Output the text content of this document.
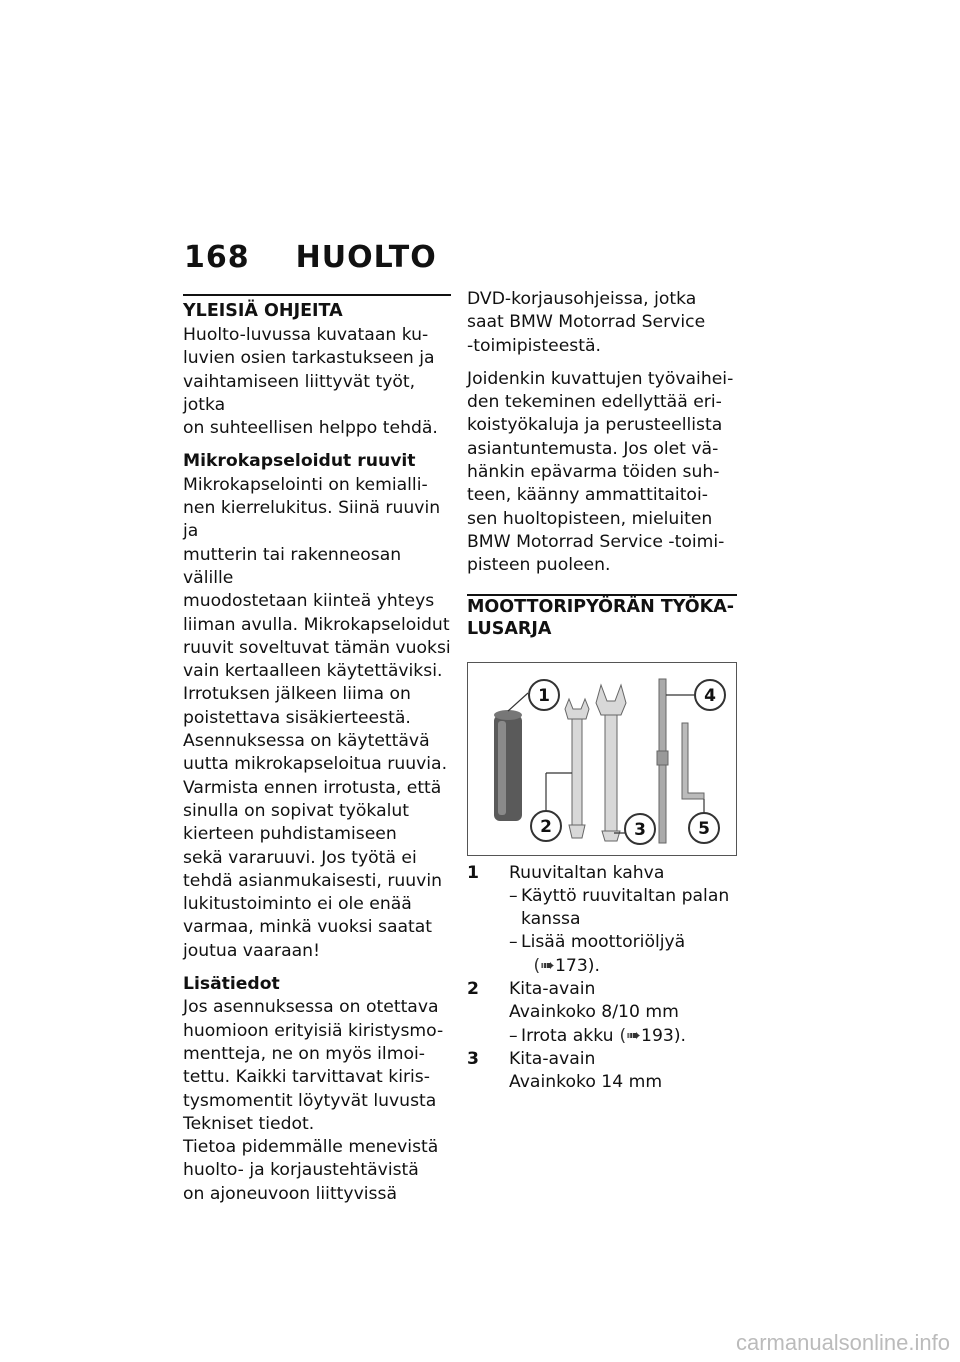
168 HUOLTO
YLEISIÄ OHJEITA

Huolto-luvussa kuvataan ku-
luvien osien tarkastukseen ja
vaihtamiseen liittyvät työt, jotka
on suhteellisen helppo tehdä.

Mikrokapseloidut ruuvit

Mikrokapselointi on kemialli-
nen kierrelukitus. Siinä ruuvin ja
mutterin tai rakenneosan välille
muodostetaan kiinteä yhteys
liiman avulla. Mikrokapseloidut
ruuvit soveltuvat tämän vuoksi
vain kertaalleen käytettäviksi.
Irrotuksen jälkeen liima on
poistettava sisäkierteestä.
Asennuksessa on käytettävä
uutta mikrokapseloitua ruuvia.
Varmista ennen irrotusta, että
sinulla on sopivat työkalut
kierteen puhdistamiseen
sekä vararuuvi. Jos työtä ei
tehdä asianmukaisesti, ruuvin
lukitustoiminto ei ole enää
varmaa, minkä vuoksi saatat
joutua vaaraan!

Lisätiedot

Jos asennuksessa on otettava
huomioon erityisiä kiristysmo-
mentteja, ne on myös ilmoi-
tettu. Kaikki tarvittavat kiris-
tysmomentit löytyvät luvusta
Tekniset tiedot.
Tietoa pidemmälle menevistä
huolto- ja korjaustehtävistä
on ajoneuvoon liittyvissä

DVD-korjausohjeissa, jotka
saat BMW Motorrad Service
-toimipisteestä.

Joidenkin kuvattujen työvaihei-
den tekeminen edellyttää eri-
koistyökaluja ja perusteellista
asiantuntemusta. Jos olet vä-
hänkin epävarma töiden suh-
teen, käänny ammattitaitoi-
sen huoltopisteen, mieluiten
BMW Motorrad Service -toimi-
pisteen puoleen.

MOOTTORIPYÖRÄN TYÖKA-
LUSARJA
1
2	3
4
5
1	Ruuvitaltan kahva
– Käyttö ruuvitaltan palan
kanssa
– Lisää moottoriöljyä
(➠173).
2	Kita-avain
Avainkoko 8/10 mm
– Irrota akku (➠193).
3	Kita-avain
Avainkoko 14 mm
carmanualsonline.info
